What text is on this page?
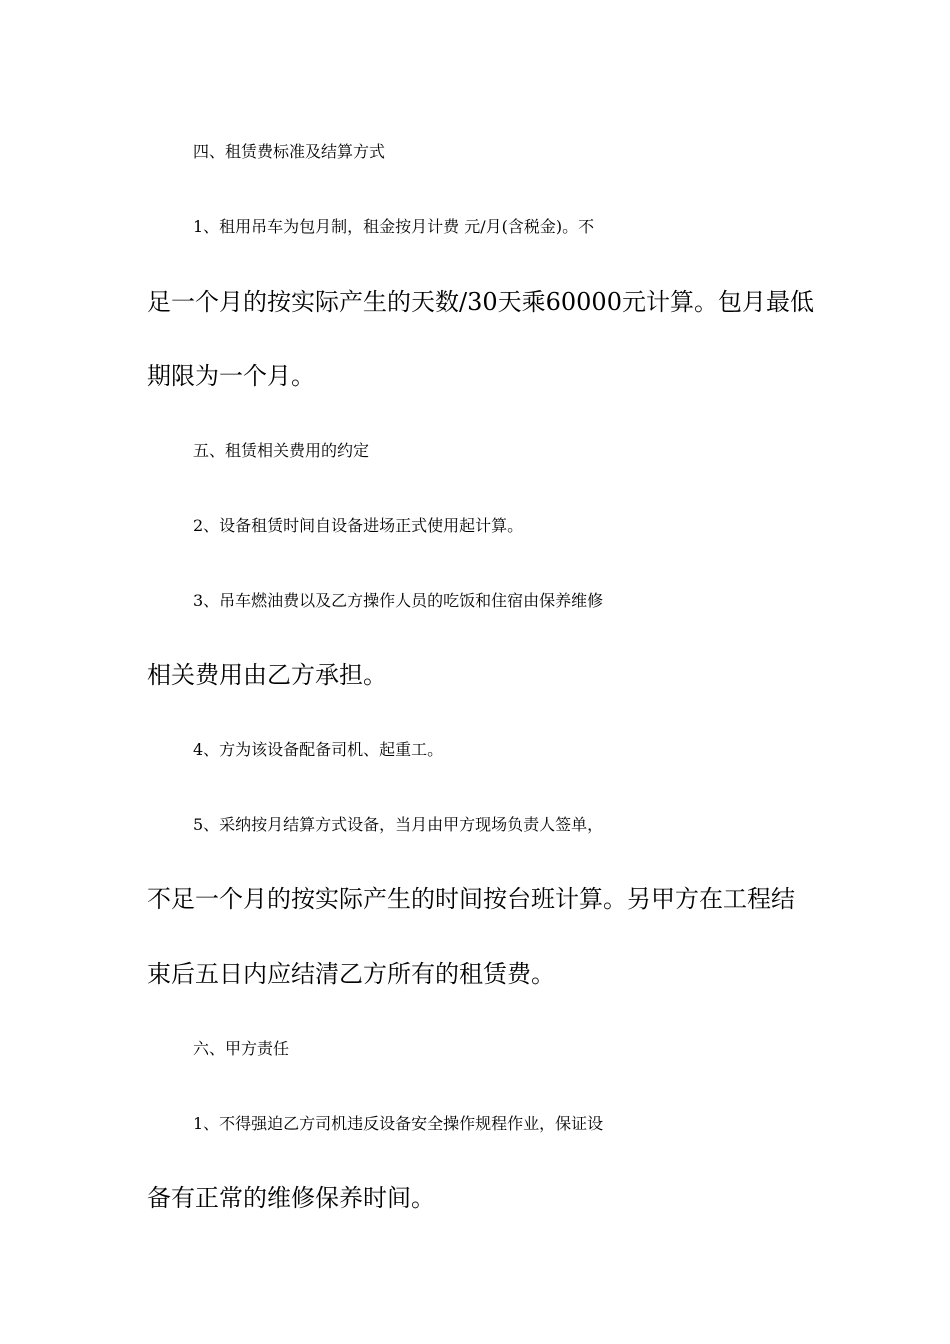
四、租赁费标准及结算方式
1、租用吊车为包月制，租金按月计费 元/月(含税金)。不
足一个月的按实际产生的天数/30天乘60000元计算。包月最低
期限为一个月。
五、租赁相关费用的约定
2、设备租赁时间自设备进场正式使用起计算。
3、吊车燃油费以及乙方操作人员的吃饭和住宿由保养维修
相关费用由乙方承担。
4、方为该设备配备司机、起重工。
5、采纳按月结算方式设备，当月由甲方现场负责人签单，
不足一个月的按实际产生的时间按台班计算。另甲方在工程结
束后五日内应结清乙方所有的租赁费。
六、甲方责任
1、不得强迫乙方司机违反设备安全操作规程作业，保证设
备有正常的维修保养时间。
